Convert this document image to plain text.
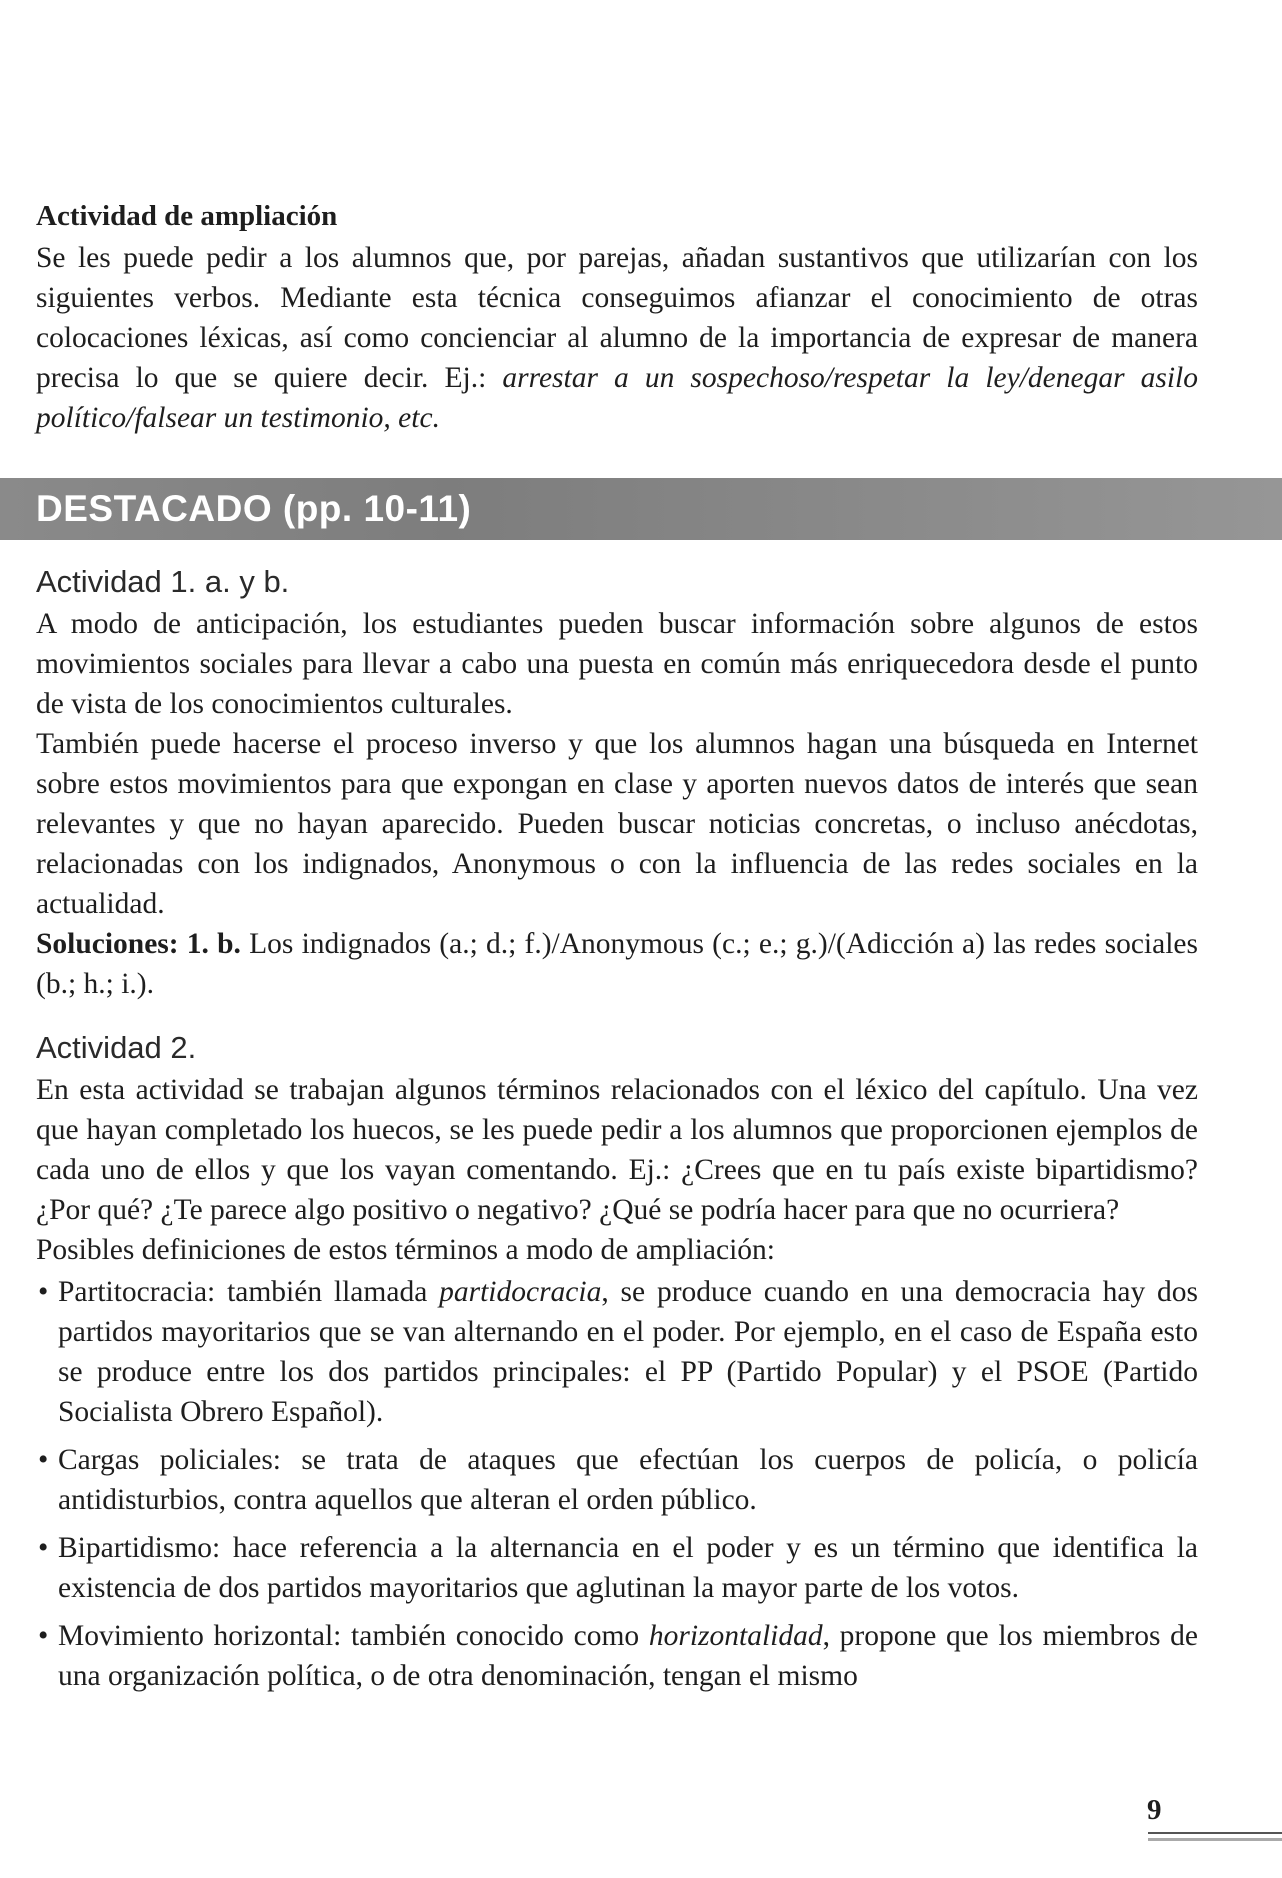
Actividad de ampliación

Se les puede pedir a los alumnos que, por parejas, añadan sustantivos que utilizarían con los siguientes verbos. Mediante esta técnica conseguimos afianzar el conocimiento de otras colocaciones léxicas, así como concienciar al alumno de la importancia de expresar de manera precisa lo que se quiere decir. Ej.: arrestar a un sospechoso/respetar la ley/denegar asilo político/falsear un testimonio, etc.

DESTACADO (pp. 10-11)
Actividad 1. a. y b.

A modo de anticipación, los estudiantes pueden buscar información sobre algunos de estos movimientos sociales para llevar a cabo una puesta en común más enriquecedora desde el punto de vista de los conocimientos culturales.

También puede hacerse el proceso inverso y que los alumnos hagan una búsqueda en Internet sobre estos movimientos para que expongan en clase y aporten nuevos datos de interés que sean relevantes y que no hayan aparecido. Pueden buscar noticias concretas, o incluso anécdotas, relacionadas con los indignados, Anonymous o con la influencia de las redes sociales en la actualidad.

Soluciones: 1. b. Los indignados (a.; d.; f.)/Anonymous (c.; e.; g.)/(Adicción a) las redes sociales (b.; h.; i.).

Actividad 2.

En esta actividad se trabajan algunos términos relacionados con el léxico del capítulo. Una vez que hayan completado los huecos, se les puede pedir a los alumnos que proporcionen ejemplos de cada uno de ellos y que los vayan comentando. Ej.: ¿Crees que en tu país existe bipartidismo? ¿Por qué? ¿Te parece algo positivo o negativo? ¿Qué se podría hacer para que no ocurriera?

Posibles definiciones de estos términos a modo de ampliación:

• Partitocracia: también llamada partidocracia, se produce cuando en una democracia hay dos partidos mayoritarios que se van alternando en el poder. Por ejemplo, en el caso de España esto se produce entre los dos partidos principales: el PP (Partido Popular) y el PSOE (Partido Socialista Obrero Español).
• Cargas policiales: se trata de ataques que efectúan los cuerpos de policía, o policía antidisturbios, contra aquellos que alteran el orden público.
• Bipartidismo: hace referencia a la alternancia en el poder y es un término que identifica la existencia de dos partidos mayoritarios que aglutinan la mayor parte de los votos.
• Movimiento horizontal: también conocido como horizontalidad, propone que los miembros de una organización política, o de otra denominación, tengan el mismo
9
